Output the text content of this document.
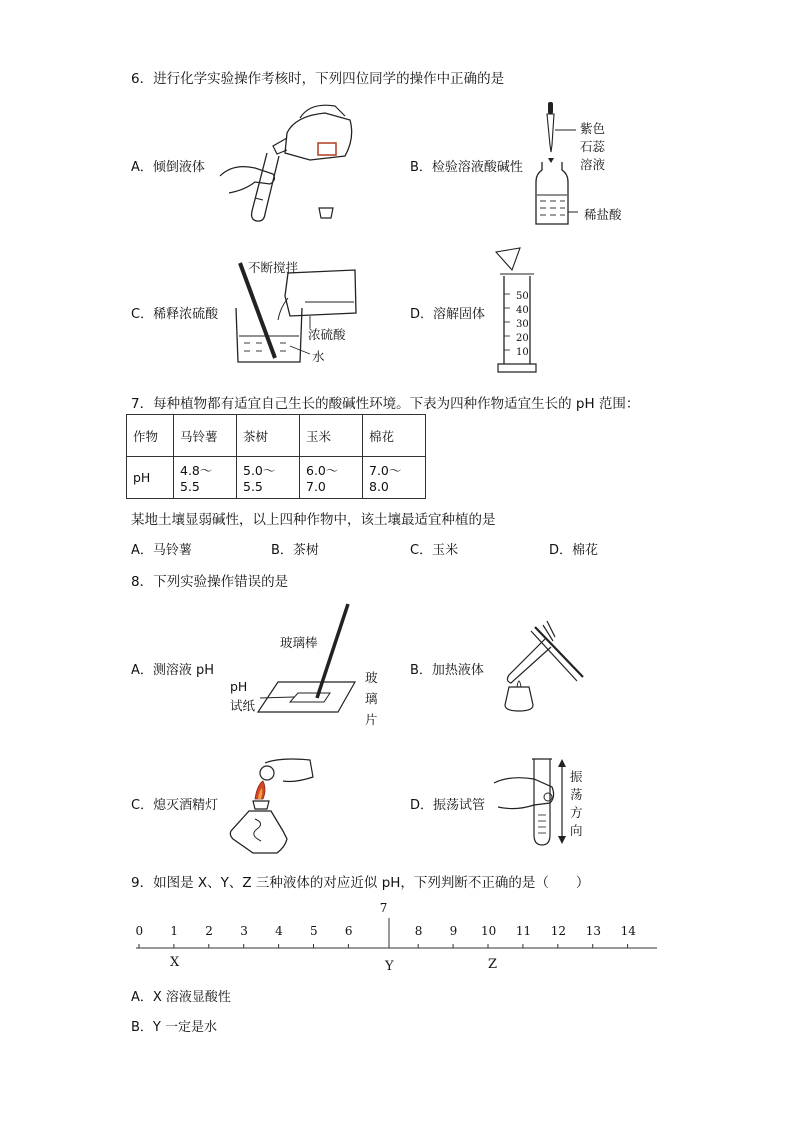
6．进行化学实验操作考核时，下列四位同学的操作中正确的是
A．倾倒液体	B．检验溶液酸碱性
紫色
石蕊
溶液
稀盐酸
C．稀释浓硫酸
不断搅拌
浓硫酸
水
D．溶解固体
50
40
30
20
10
7．每种植物都有适宜自己生长的酸碱性环境。下表为四种作物适宜生长的 pH 范围：
作物	马铃薯	茶树	玉米	棉花
pH	4.8～5.5	5.0～5.5	6.0～7.0	7.0～8.0
某地土壤显弱碱性，以上四种作物中，该土壤最适宜种植的是
A．马铃薯	B．茶树	C．玉米	D．棉花
8．下列实验操作错误的是
A．测溶液 pH
玻璃棒
pH
试纸
玻
璃
片
B．加热液体
C．熄灭酒精灯	D．振荡试管
振
荡
方
向
9．如图是 X、Y、Z 三种液体的对应近似 pH，下列判断不正确的是（　　）
0 1 2 3 4 5 6
7
8 9 10 11 12 13 14
X	Y	Z
A．X 溶液显酸性
B．Y 一定是水
